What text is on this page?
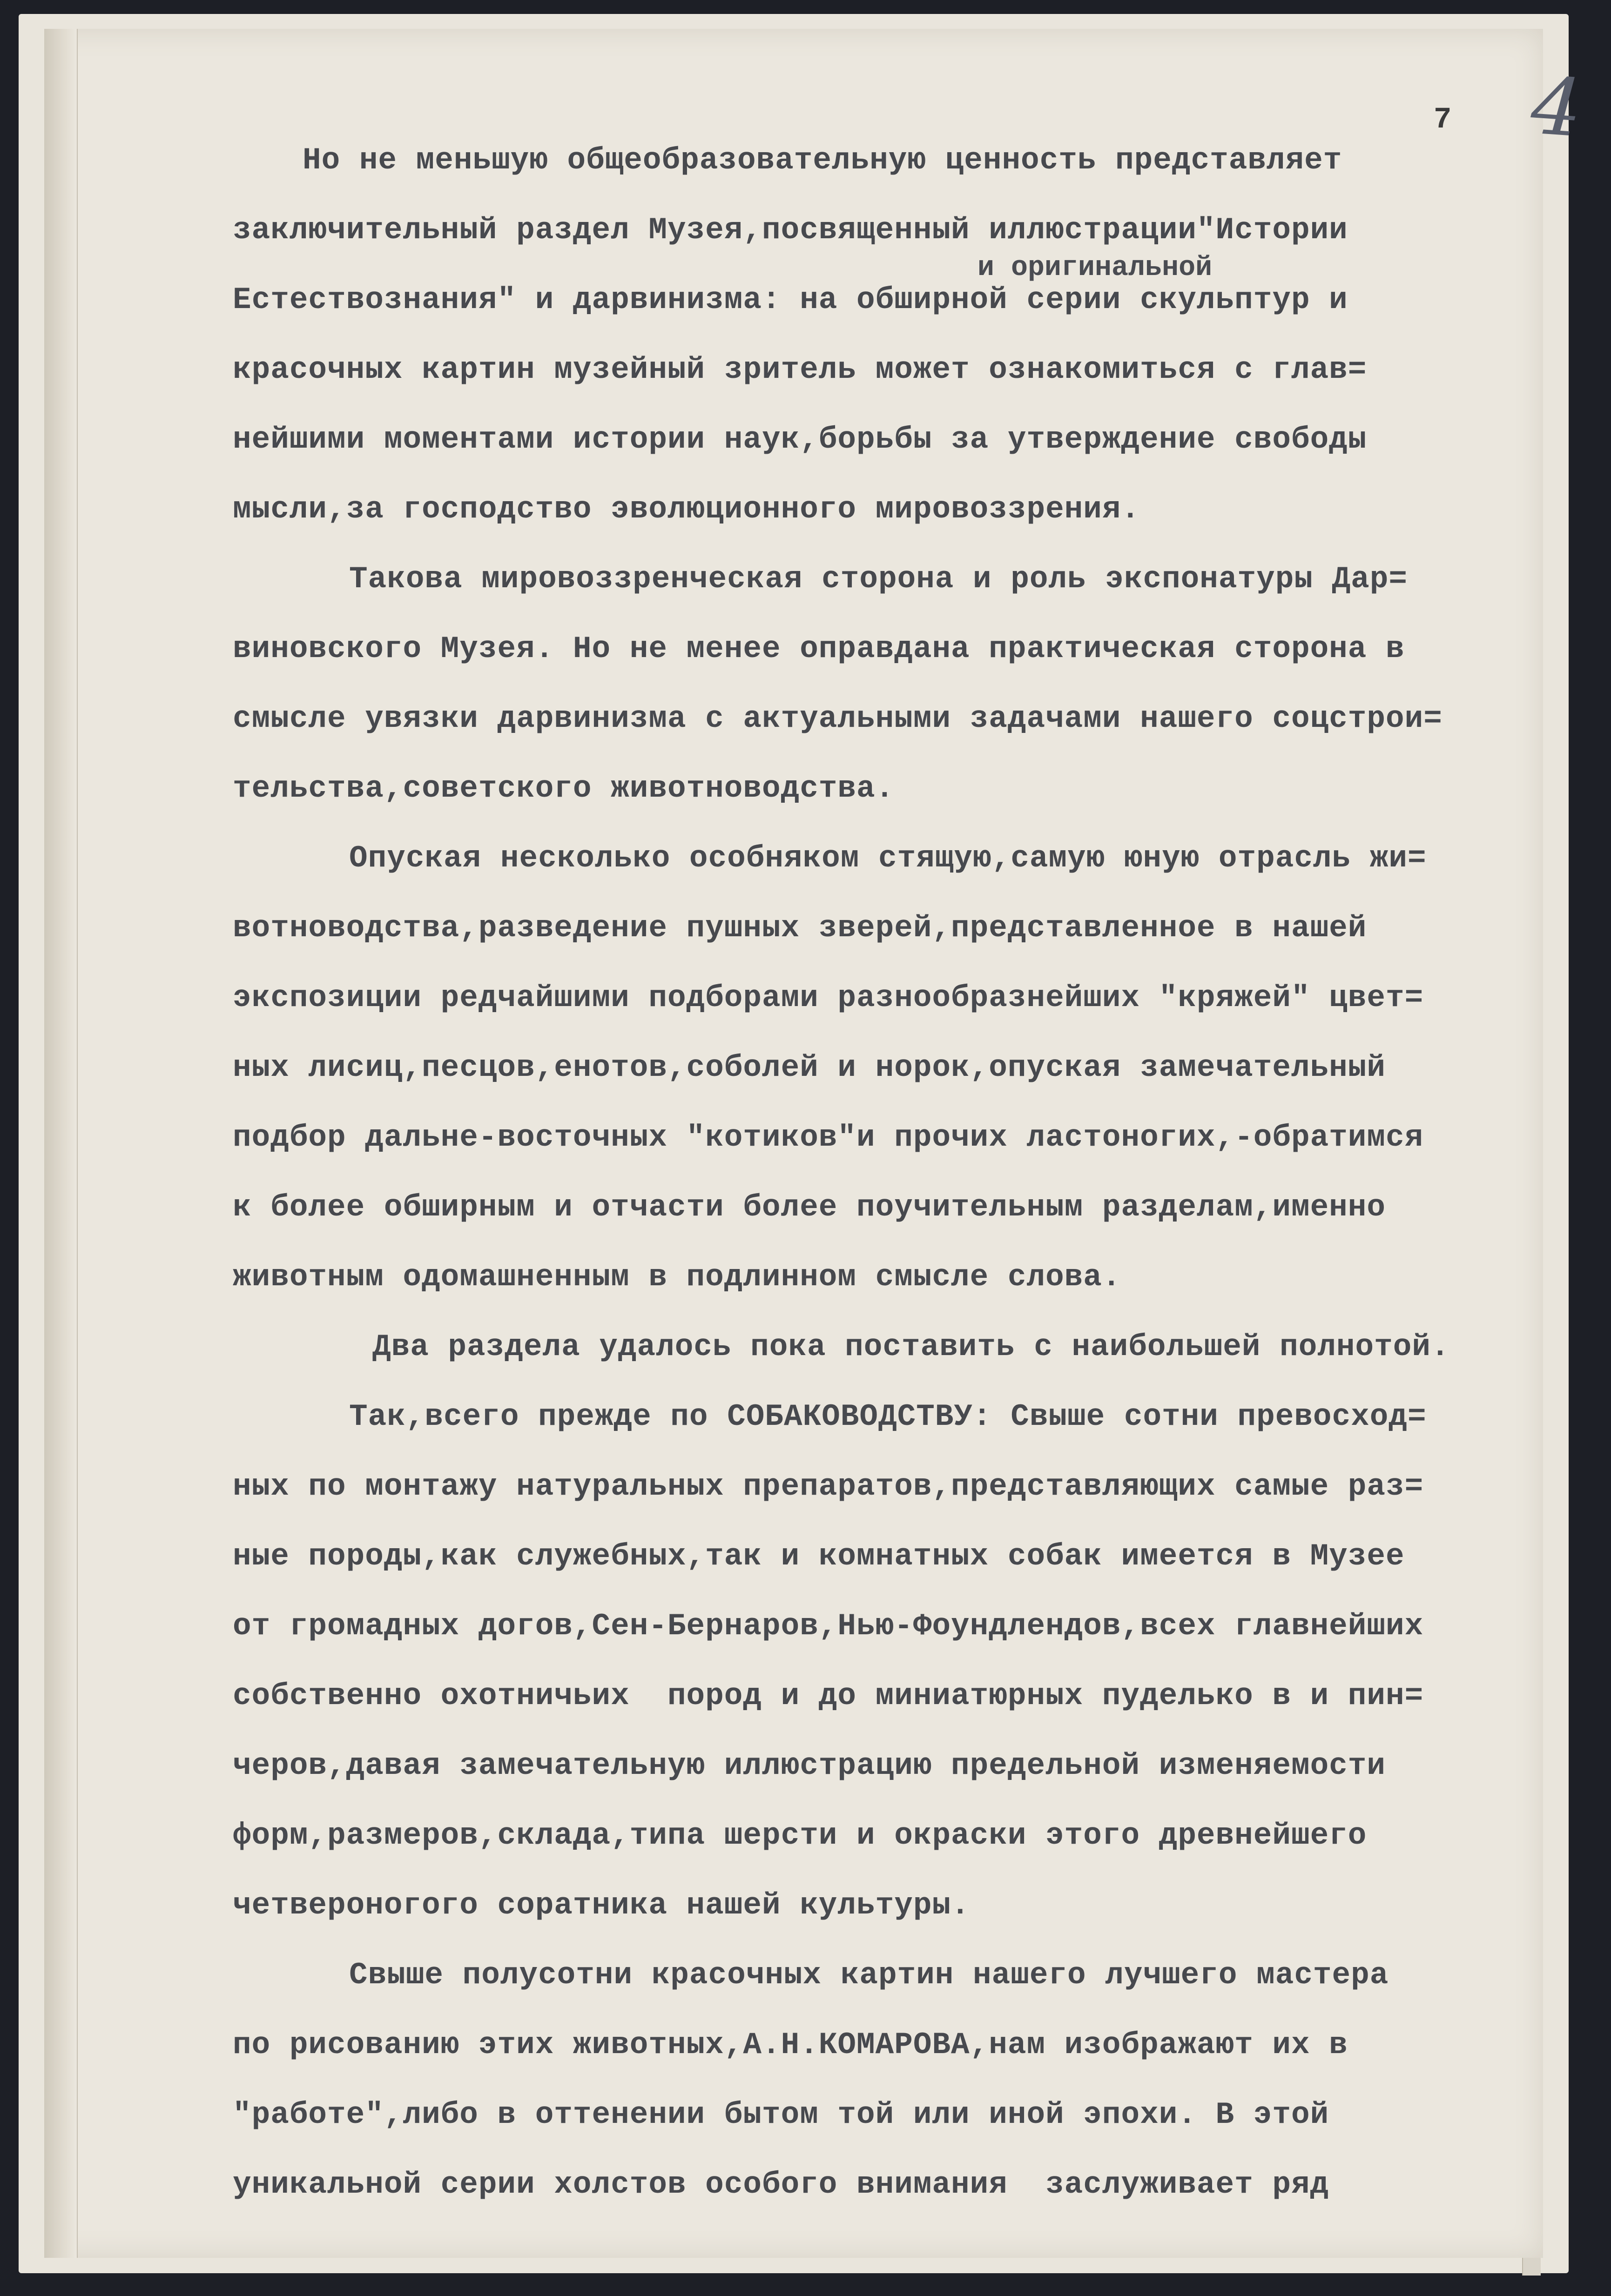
7 4
Но не меньшую общеобразовательную ценность представляет
заключительный раздел Музея,посвященный иллюстрации"Истории
и оригинальной
Естествознания" и дарвинизма: на обширной серии скульптур и
красочных картин музейный зритель может ознакомиться с глав=
нейшими моментами истории наук,борьбы за утверждение свободы
мысли,за господство эволюционного мировоззрения.
Такова мировоззренческая сторона и роль экспонатуры Дар=
виновского Музея. Но не менее оправдана практическая сторона в
смысле увязки дарвинизма с актуальными задачами нашего соцстрои=
тельства,советского животноводства.
Опуская несколько особняком стящую,самую юную отрасль жи=
вотноводства,разведение пушных зверей,представленное в нашей
экспозиции редчайшими подборами разнообразнейших "кряжей" цвет=
ных лисиц,песцов,енотов,соболей и норок,опуская замечательный
подбор дальне-восточных "котиков"и прочих ластоногих,-обратимся
к более обширным и отчасти более поучительным разделам,именно
животным одомашненным в подлинном смысле слова.
Два раздела удалось пока поставить с наибольшей полнотой.
Так,всего прежде по СОБАКОВОДСТВУ: Свыше сотни превосход=
ных по монтажу натуральных препаратов,представляющих самые раз=
ные породы,как служебных,так и комнатных собак имеется в Музее
от громадных догов,Сен-Бернаров,Нью-Фоундлендов,всех главнейших
собственно охотничьих  пород и до миниатюрных пуделько в и пин=
черов,давая замечательную иллюстрацию предельной изменяемости
форм,размеров,склада,типа шерсти и окраски этого древнейшего
четвероногого соратника нашей культуры.
Свыше полусотни красочных картин нашего лучшего мастера
по рисованию этих животных,А.Н.КОМАРОВА,нам изображают их в
"работе",либо в оттенении бытом той или иной эпохи. В этой
уникальной серии холстов особого внимания  заслуживает ряд
